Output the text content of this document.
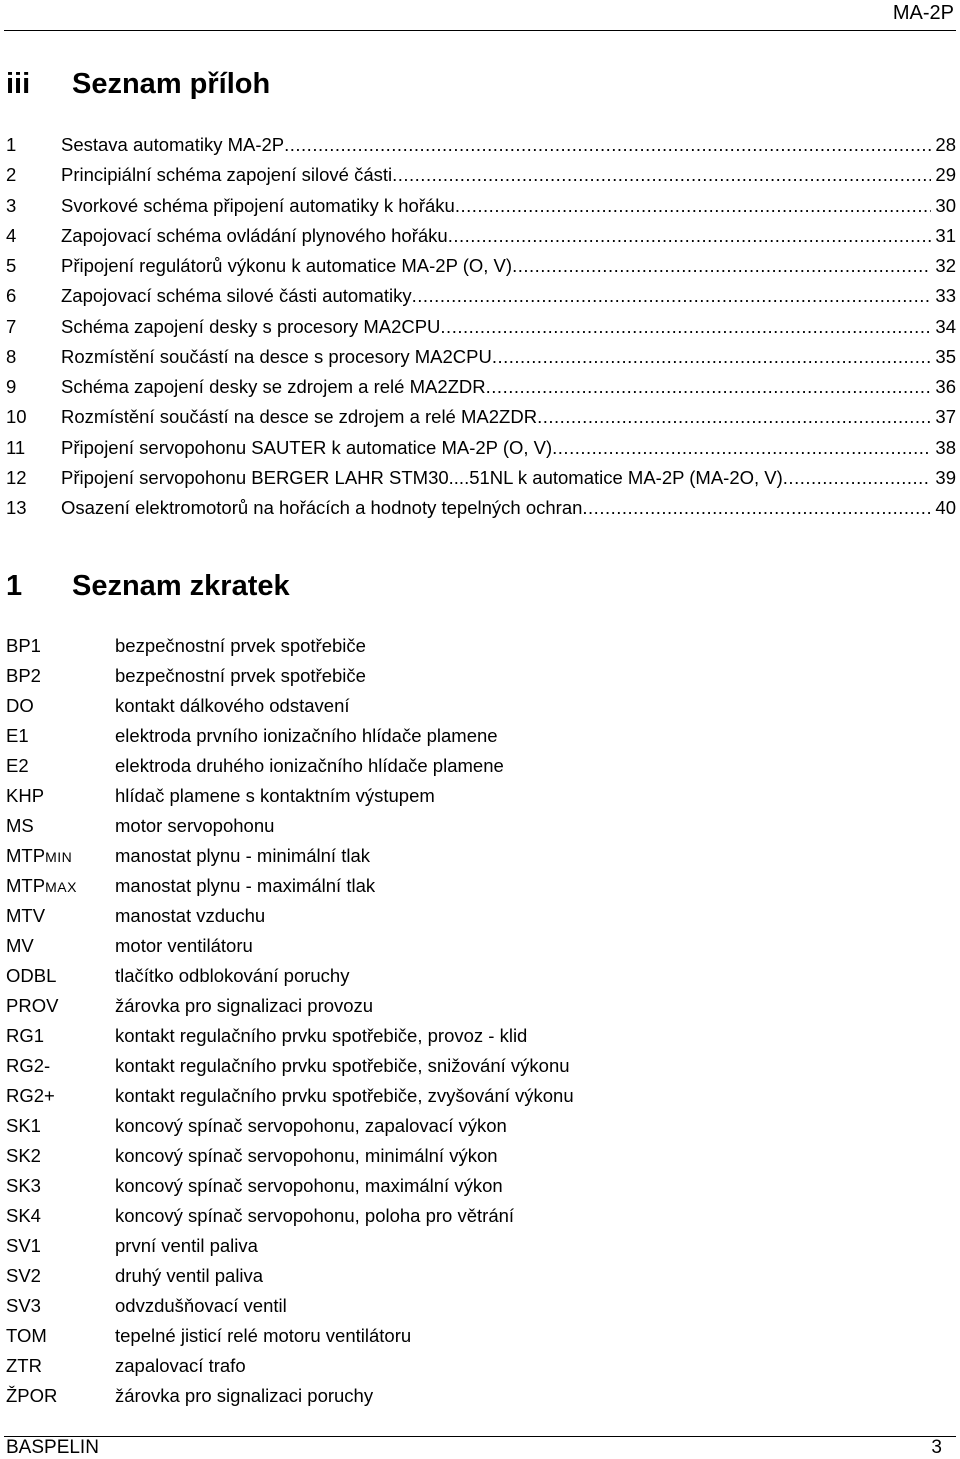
MA-2P
iii Seznam příloh
1	Sestava automatiky MA-2P .....	28
2	Principiální schéma zapojení silové části .....	29
3	Svorkové schéma připojení automatiky k hořáku .....	30
4	Zapojovací schéma ovládání plynového hořáku .....	31
5	Připojení regulátorů výkonu k automatice MA-2P (O, V) .....	32
6	Zapojovací schéma silové části automatiky .....	33
7	Schéma zapojení desky s procesory MA2CPU .....	34
8	Rozmístění součástí na desce s procesory MA2CPU .....	35
9	Schéma zapojení desky se zdrojem a relé MA2ZDR .....	36
10	Rozmístění součástí na desce se zdrojem a relé MA2ZDR .....	37
11	Připojení servopohonu SAUTER k automatice MA-2P (O, V) .....	38
12	Připojení servopohonu BERGER LAHR STM30....51NL k automatice MA-2P (MA-2O, V) .....	39
13	Osazení elektromotorů na hořácích a hodnoty tepelných ochran .....	40
1 Seznam zkratek
BP1	bezpečnostní prvek spotřebiče
BP2	bezpečnostní prvek spotřebiče
DO	kontakt dálkového odstavení
E1	elektroda prvního ionizačního hlídače plamene
E2	elektroda druhého ionizačního hlídače plamene
KHP	hlídač plamene s kontaktním výstupem
MS	motor servopohonu
MTPMIN	manostat plynu - minimální tlak
MTPMAX	manostat plynu - maximální tlak
MTV	manostat vzduchu
MV	motor ventilátoru
ODBL	tlačítko odblokování poruchy
PROV	žárovka pro signalizaci provozu
RG1	kontakt regulačního prvku spotřebiče, provoz - klid
RG2-	kontakt regulačního prvku spotřebiče, snižování výkonu
RG2+	kontakt regulačního prvku spotřebiče, zvyšování výkonu
SK1	koncový spínač servopohonu, zapalovací výkon
SK2	koncový spínač servopohonu, minimální výkon
SK3	koncový spínač servopohonu, maximální výkon
SK4	koncový spínač servopohonu, poloha pro větrání
SV1	první ventil paliva
SV2	druhý ventil paliva
SV3	odvzdušňovací ventil
TOM	tepelné jisticí relé motoru ventilátoru
ZTR	zapalovací trafo
ŽPOR	žárovka pro signalizaci poruchy
BASPELIN	3
